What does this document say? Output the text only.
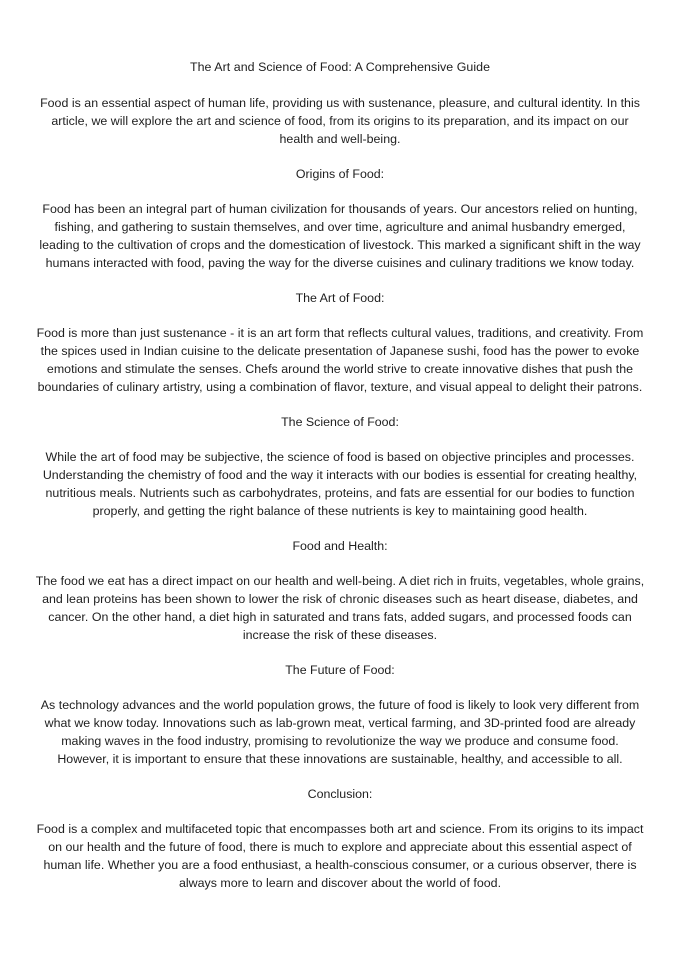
The Art and Science of Food: A Comprehensive Guide

Food is an essential aspect of human life, providing us with sustenance, pleasure, and cultural identity. In this article, we will explore the art and science of food, from its origins to its preparation, and its impact on our health and well-being.

Origins of Food:

Food has been an integral part of human civilization for thousands of years. Our ancestors relied on hunting, fishing, and gathering to sustain themselves, and over time, agriculture and animal husbandry emerged, leading to the cultivation of crops and the domestication of livestock. This marked a significant shift in the way humans interacted with food, paving the way for the diverse cuisines and culinary traditions we know today.

The Art of Food:

Food is more than just sustenance - it is an art form that reflects cultural values, traditions, and creativity. From the spices used in Indian cuisine to the delicate presentation of Japanese sushi, food has the power to evoke emotions and stimulate the senses. Chefs around the world strive to create innovative dishes that push the boundaries of culinary artistry, using a combination of flavor, texture, and visual appeal to delight their patrons.

The Science of Food:

While the art of food may be subjective, the science of food is based on objective principles and processes. Understanding the chemistry of food and the way it interacts with our bodies is essential for creating healthy, nutritious meals. Nutrients such as carbohydrates, proteins, and fats are essential for our bodies to function properly, and getting the right balance of these nutrients is key to maintaining good health.

Food and Health:

The food we eat has a direct impact on our health and well-being. A diet rich in fruits, vegetables, whole grains, and lean proteins has been shown to lower the risk of chronic diseases such as heart disease, diabetes, and cancer. On the other hand, a diet high in saturated and trans fats, added sugars, and processed foods can increase the risk of these diseases.

The Future of Food:

As technology advances and the world population grows, the future of food is likely to look very different from what we know today. Innovations such as lab-grown meat, vertical farming, and 3D-printed food are already making waves in the food industry, promising to revolutionize the way we produce and consume food. However, it is important to ensure that these innovations are sustainable, healthy, and accessible to all.

Conclusion:

Food is a complex and multifaceted topic that encompasses both art and science. From its origins to its impact on our health and the future of food, there is much to explore and appreciate about this essential aspect of human life. Whether you are a food enthusiast, a health-conscious consumer, or a curious observer, there is always more to learn and discover about the world of food.
